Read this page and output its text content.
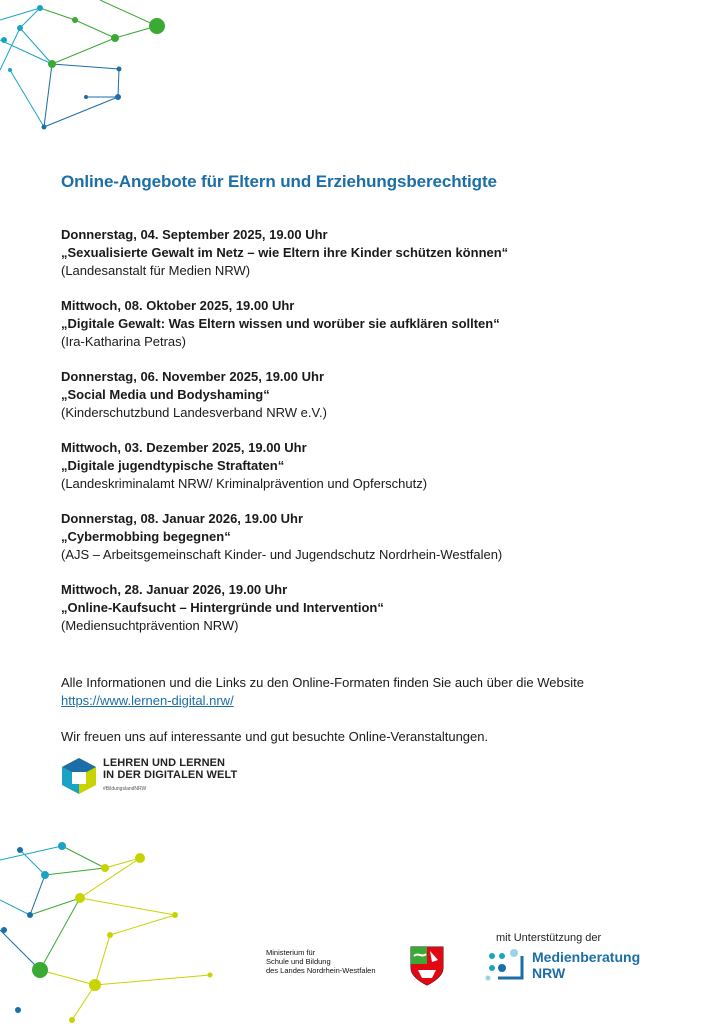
Online-Angebote für Eltern und Erziehungsberechtigte
Donnerstag, 04. September 2025, 19.00 Uhr
„Sexualisierte Gewalt im Netz – wie Eltern ihre Kinder schützen können“
(Landesanstalt für Medien NRW)
Mittwoch, 08. Oktober 2025, 19.00 Uhr
„Digitale Gewalt: Was Eltern wissen und worüber sie aufklären sollten“
(Ira-Katharina Petras)
Donnerstag, 06. November 2025, 19.00 Uhr
„Social Media und Bodyshaming“
(Kinderschutzbund Landesverband NRW e.V.)
Mittwoch, 03. Dezember 2025, 19.00 Uhr
„Digitale jugendtypische Straftaten“
(Landeskriminalamt NRW/ Kriminalprävention und Opferschutz)
Donnerstag, 08. Januar 2026, 19.00 Uhr
„Cybermobbing begegnen“
(AJS – Arbeitsgemeinschaft Kinder- und Jugendschutz Nordrhein-Westfalen)
Mittwoch, 28. Januar 2026, 19.00 Uhr
„Online-Kaufsucht – Hintergründe und Intervention“
(Mediensuchtprävention NRW)
Alle Informationen und die Links zu den Online-Formaten finden Sie auch über die Website
https://www.lernen-digital.nrw/
Wir freuen uns auf interessante und gut besuchte Online-Veranstaltungen.
LEHREN UND LERNEN
IN DER DIGITALEN WELT
#BildungslandNRW
Ministerium für
Schule und Bildung
des Landes Nordrhein-Westfalen
mit Unterstützung der
Medienberatung
NRW
